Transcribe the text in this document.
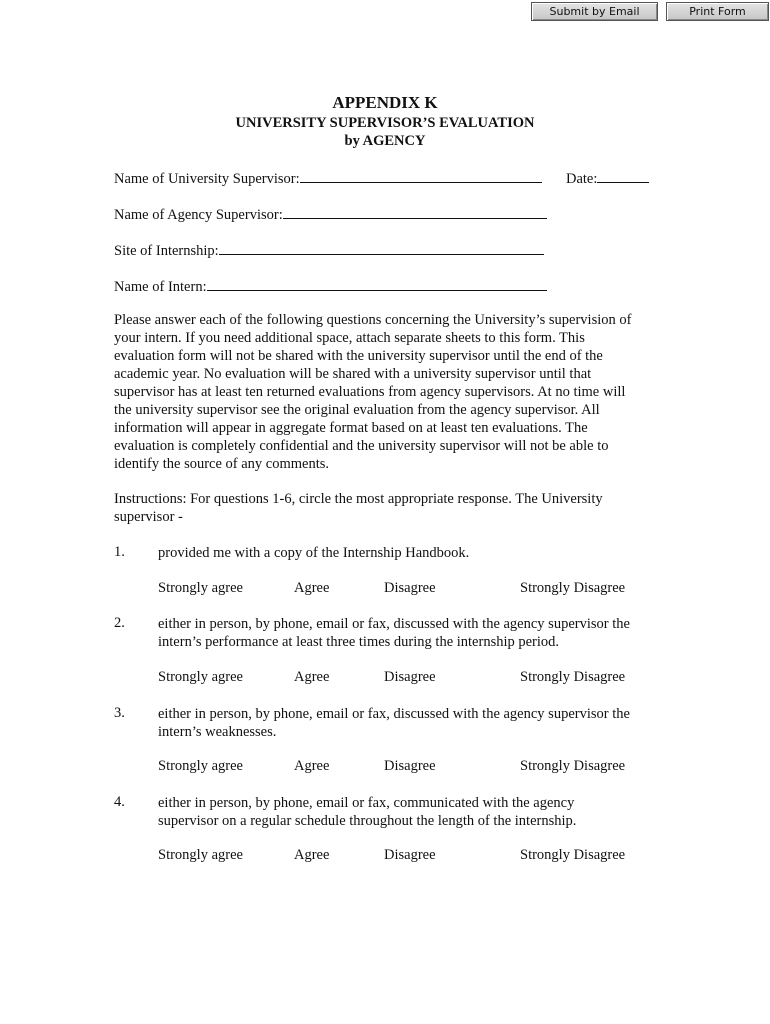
Submit by Email	Print Form
APPENDIX K
UNIVERSITY SUPERVISOR’S EVALUATION
by AGENCY
Name of University Supervisor:	Date:
Name of Agency Supervisor:
Site of Internship:
Name of Intern:
Please answer each of the following questions concerning the University’s supervision of
your intern. If you need additional space, attach separate sheets to this form. This
evaluation form will not be shared with the university supervisor until the end of the
academic year. No evaluation will be shared with a university supervisor until that
supervisor has at least ten returned evaluations from agency supervisors. At no time will
the university supervisor see the original evaluation from the agency supervisor. All
information will appear in aggregate format based on at least ten evaluations. The
evaluation is completely confidential and the university supervisor will not be able to
identify the source of any comments.
Instructions: For questions 1-6, circle the most appropriate response. The University
supervisor -
1. provided me with a copy of the Internship Handbook.
Strongly agree	Agree	Disagree	Strongly Disagree
2. either in person, by phone, email or fax, discussed with the agency supervisor the
intern’s performance at least three times during the internship period.
Strongly agree	Agree	Disagree	Strongly Disagree
3. either in person, by phone, email or fax, discussed with the agency supervisor the
intern’s weaknesses.
Strongly agree	Agree	Disagree	Strongly Disagree
4. either in person, by phone, email or fax, communicated with the agency
supervisor on a regular schedule throughout the length of the internship.
Strongly agree	Agree	Disagree	Strongly Disagree
